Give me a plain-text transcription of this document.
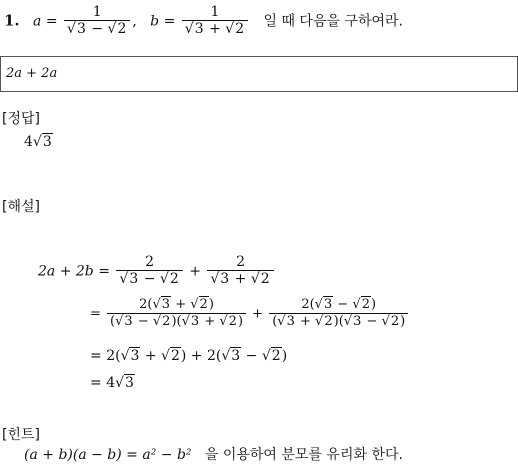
1. $a = \frac{1}{√3 - √2}$ , $b = \frac{1}{√3 + √2}$ 일 때 다음을 구하여라.
2a + 2a
[정답]
4√3
[해설]
$2a + 2b = \frac{2}{√3 - √2} + \frac{2}{√3 + √2}$
= $\frac{2(√3 + √2)}{(√3 - √2)(√3 + √2)} + \frac{2(√3 - √2)}{(√3 + √2)(√3 - √2)}$
= 2(√3 + √2) + 2(√3 − √2)
= 4√3
[힌트]
(a + b)(a − b) = a² − b² 을 이용하여 분모를 유리화 한다.
